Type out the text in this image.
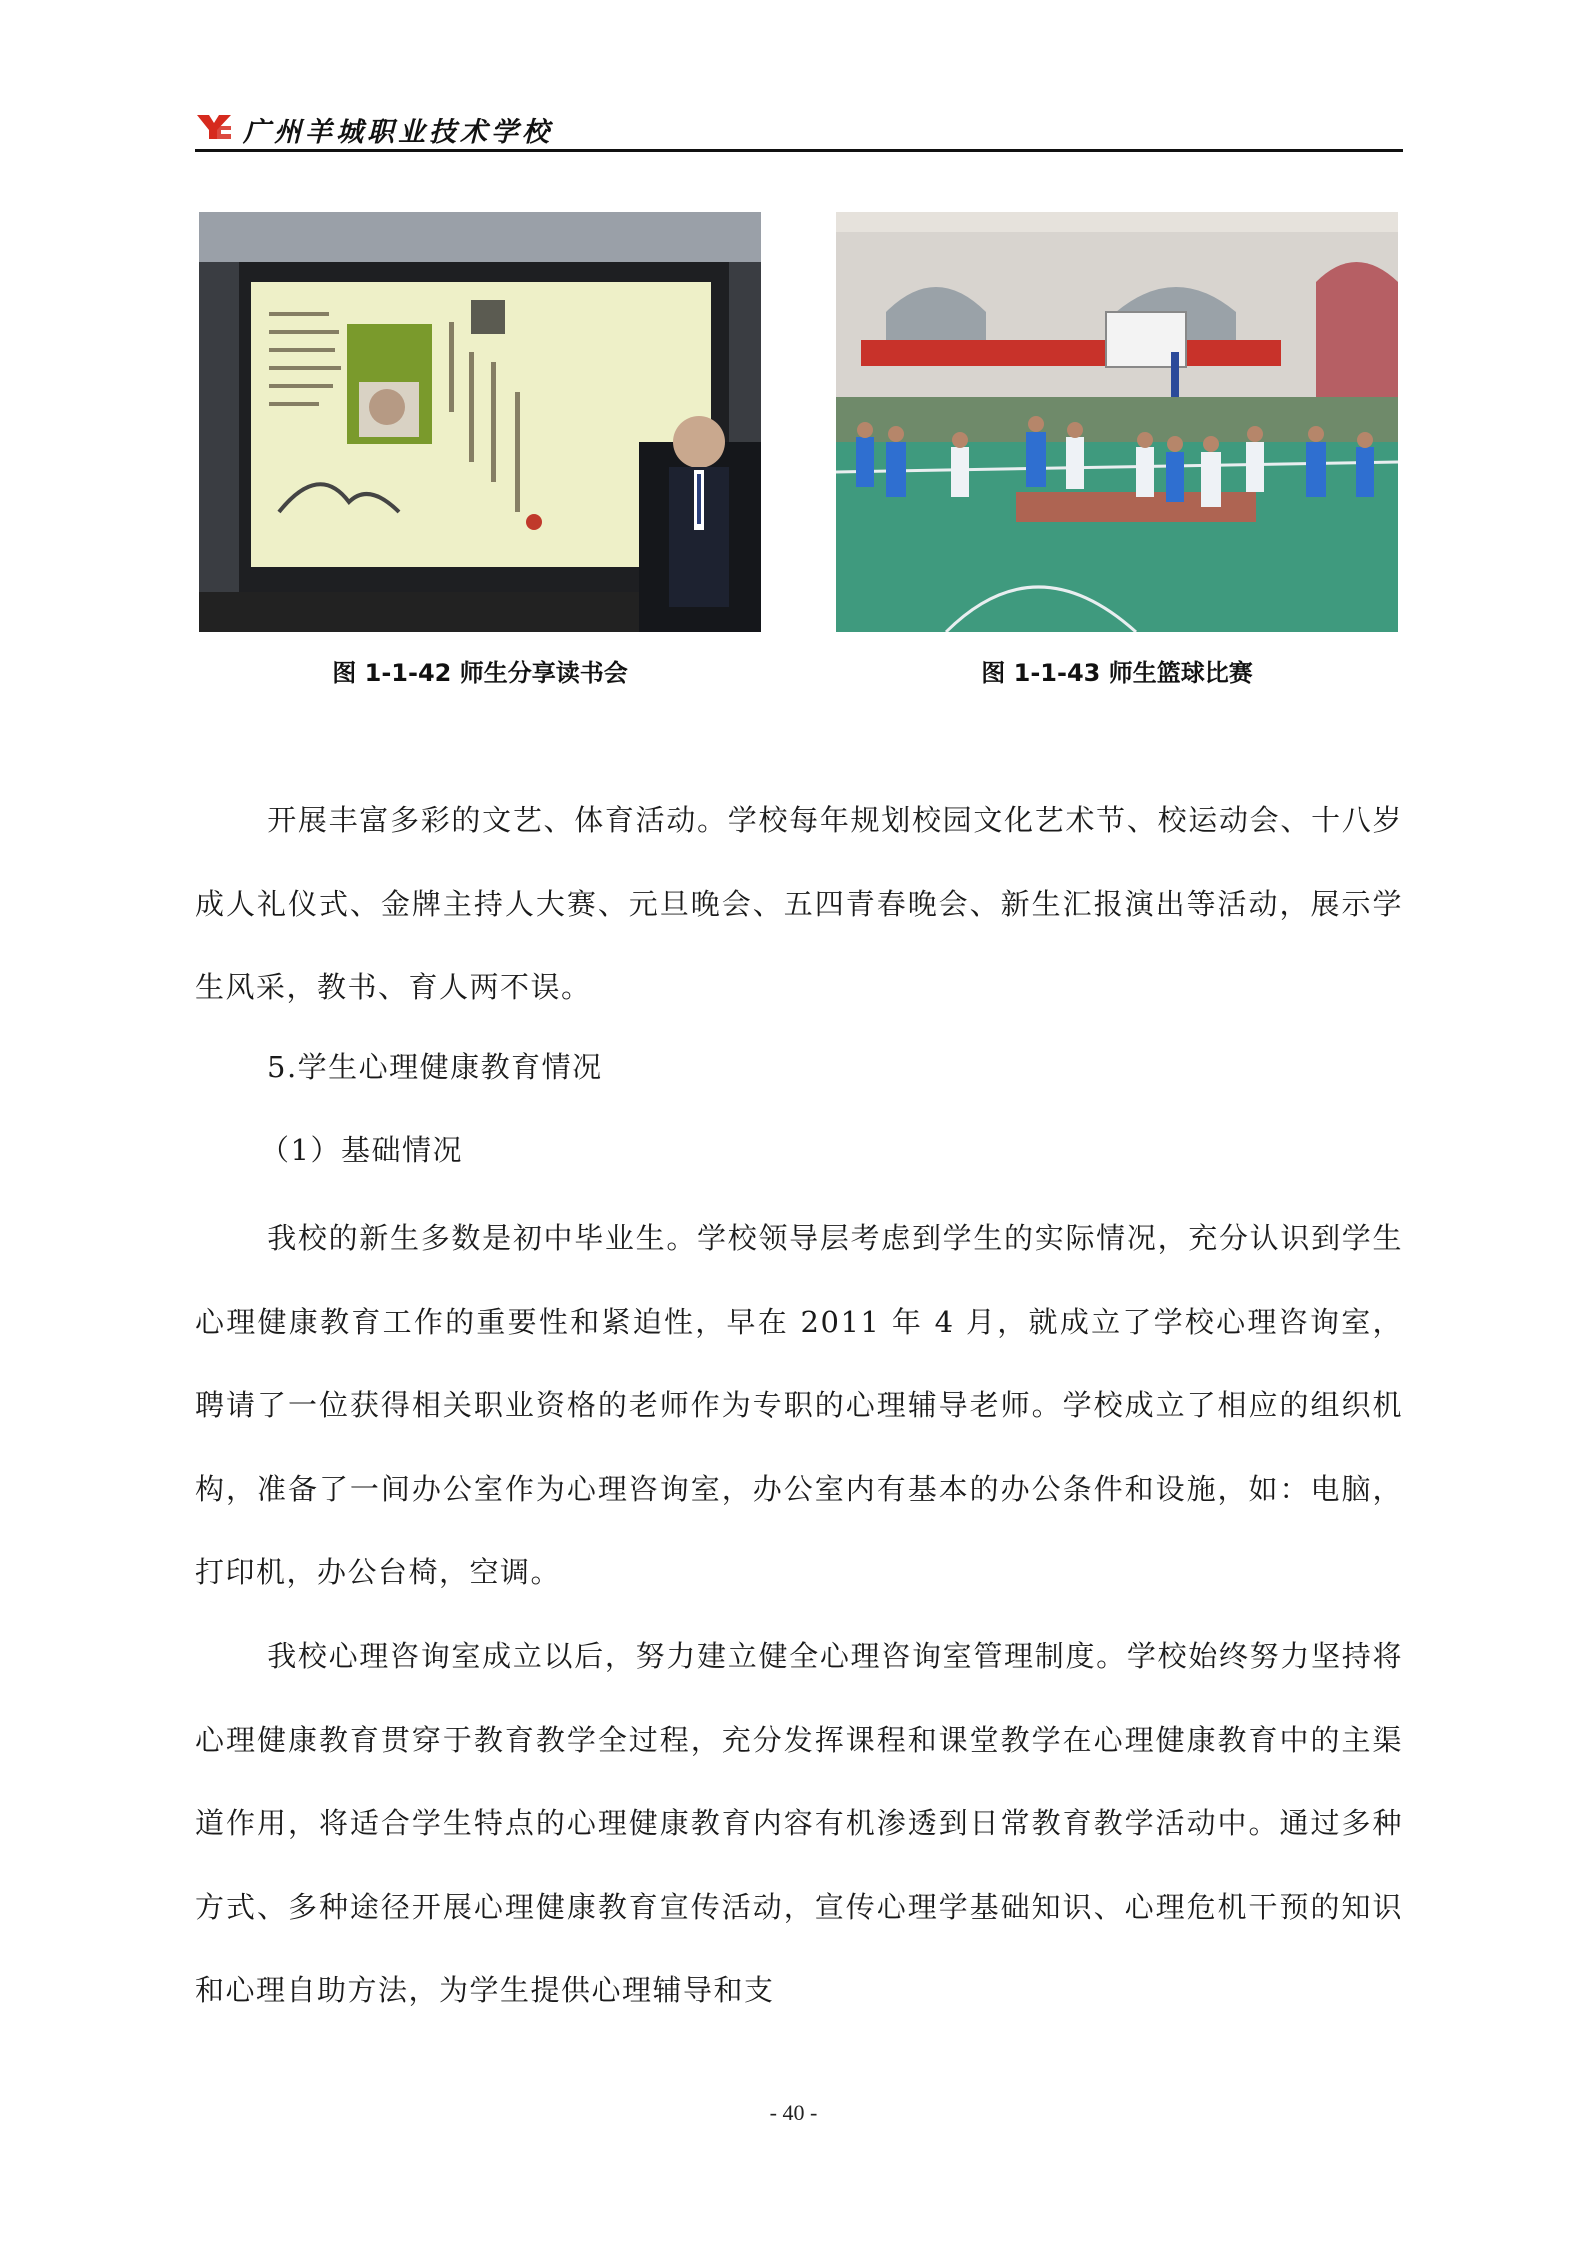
广州羊城职业技术学校
图 1-1-42 师生分享读书会	图 1-1-43 师生篮球比赛

开展丰富多彩的文艺、体育活动。学校每年规划校园文化艺术节、校运动会、十八岁成人礼仪式、金牌主持人大赛、元旦晚会、五四青春晚会、新生汇报演出等活动，展示学生风采，教书、育人两不误。

5.学生心理健康教育情况

（1）基础情况

我校的新生多数是初中毕业生。学校领导层考虑到学生的实际情况，充分认识到学生心理健康教育工作的重要性和紧迫性，早在 2011 年 4 月，就成立了学校心理咨询室，聘请了一位获得相关职业资格的老师作为专职的心理辅导老师。学校成立了相应的组织机构，准备了一间办公室作为心理咨询室，办公室内有基本的办公条件和设施，如：电脑，打印机，办公台椅，空调。

我校心理咨询室成立以后，努力建立健全心理咨询室管理制度。学校始终努力坚持将心理健康教育贯穿于教育教学全过程，充分发挥课程和课堂教学在心理健康教育中的主渠道作用，将适合学生特点的心理健康教育内容有机渗透到日常教育教学活动中。通过多种方式、多种途径开展心理健康教育宣传活动，宣传心理学基础知识、心理危机干预的知识和心理自助方法，为学生提供心理辅导和支

- 40 -
